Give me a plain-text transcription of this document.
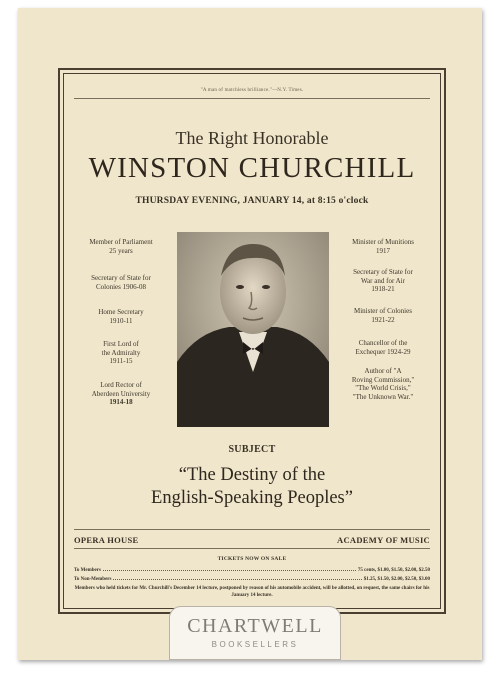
"A man of matchless brilliance."—N.Y. Times.
The Right Honorable
WINSTON CHURCHILL
THURSDAY EVENING, JANUARY 14, at 8:15 o'clock
Member of Parliament
25 years
Secretary of State for
Colonies 1906-08
Home Secretary
1910-11
First Lord of
the Admiralty
1911-15
Lord Rector of
Aberdeen University
1914-18
Minister of Munitions
1917
Secretary of State for
War and for Air
1918-21
Minister of Colonies
1921-22
Chancellor of the
Exchequer 1924-29
Author of "A
Roving Commission,"
"The World Crisis,"
"The Unknown War."
SUBJECT
“The Destiny of the
English-Speaking Peoples”
OPERA HOUSE	ACADEMY OF MUSIC
TICKETS NOW ON SALE
To Members	75 cents, $1.00, $1.50, $2.00, $2.50
To Non-Members	$1.25, $1.50, $2.00, $2.50, $3.00
Members who held tickets for Mr. Churchill's December 14 lecture, postponed by reason of his automobile accident, will be allotted, on request, the same chairs for his January 14 lecture.
CHARTWELL
BOOKSELLERS
